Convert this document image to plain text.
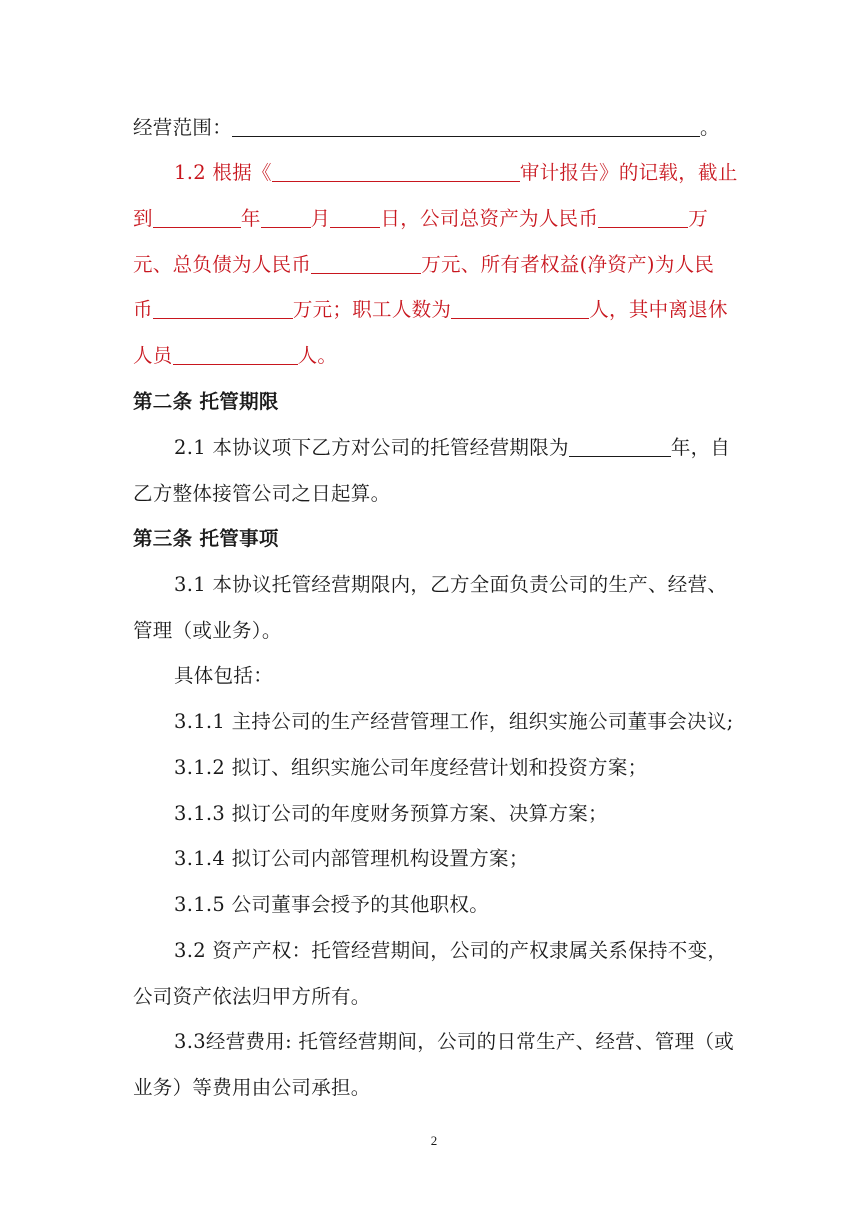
经营范围：	。
1.2 根据《	审计报告》的记载，截止
到	年	月	日，公司总资产为人民币	万
元、总负债为人民币	万元、所有者权益(净资产)为人民
币	万元；职工人数为	人，其中离退休
人员	人。
第二条 托管期限
2.1 本协议项下乙方对公司的托管经营期限为	年，自
乙方整体接管公司之日起算。
第三条 托管事项
3.1 本协议托管经营期限内，乙方全面负责公司的生产、经营、
管理（或业务）。
具体包括：
3.1.1 主持公司的生产经营管理工作，组织实施公司董事会决议;
3.1.2 拟订、组织实施公司年度经营计划和投资方案；
3.1.3 拟订公司的年度财务预算方案、决算方案；
3.1.4 拟订公司内部管理机构设置方案；
3.1.5 公司董事会授予的其他职权。
3.2 资产产权：托管经营期间，公司的产权隶属关系保持不变，
公司资产依法归甲方所有。
3.3经营费用: 托管经营期间，公司的日常生产、经营、管理（或
业务）等费用由公司承担。
2
